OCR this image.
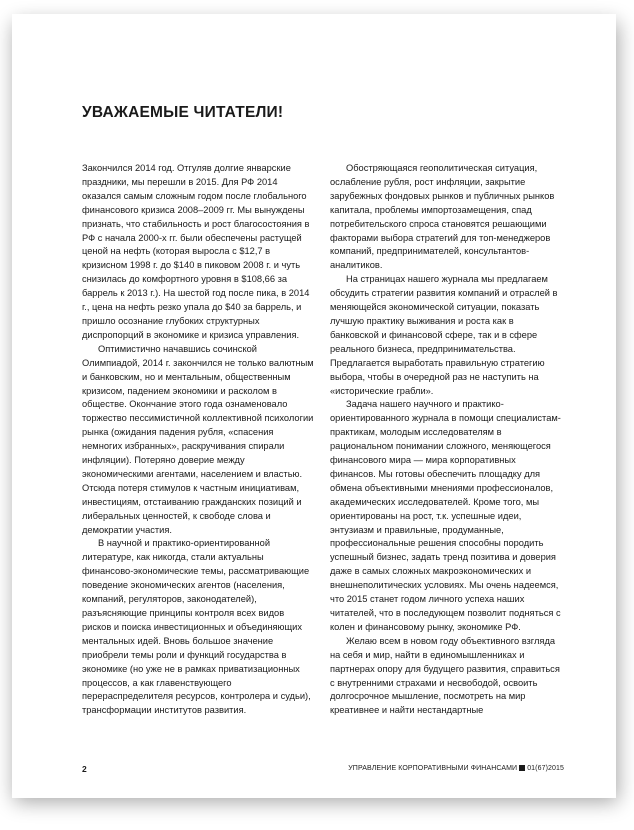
УВАЖАЕМЫЕ ЧИТАТЕЛИ!

Закончился 2014 год. Отгуляв долгие январские праздники, мы перешли в 2015. Для РФ 2014 оказался самым сложным годом после глобального финансового кризиса 2008–2009 гг. Мы вынуждены признать, что стабильность и рост благосостояния в РФ с начала 2000-х гг. были обеспечены растущей ценой на нефть (которая выросла с $12,7 в кризисном 1998 г. до $140 в пиковом 2008 г. и чуть снизилась до комфортного уровня в $108,66 за баррель к 2013 г.). На шестой год после пика, в 2014 г., цена на нефть резко упала до $40 за баррель, и пришло осознание глубоких структурных диспропорций в экономике и кризиса управления.

Оптимистично начавшись сочинской Олимпиадой, 2014 г. закончился не только валютным и банковским, но и ментальным, общественным кризисом, падением экономики и расколом в обществе. Окончание этого года ознаменовало торжество пессимистичной коллективной психологии рынка (ожидания падения рубля, «спасения немногих избранных», раскручивания спирали инфляции). Потеряно доверие между экономическими агентами, населением и властью. Отсюда потеря стимулов к частным инициативам, инвестициям, отстаиванию гражданских позиций и либеральных ценностей, к свободе слова и демократии участия.

В научной и практико-ориентированной литературе, как никогда, стали актуальны финансово-экономические темы, рассматривающие поведение экономических агентов (населения, компаний, регуляторов, законодателей), разъясняющие принципы контроля всех видов рисков и поиска инвестиционных и объединяющих ментальных идей. Вновь большое значение приобрели темы роли и функций государства в экономике (но уже не в рамках приватизационных процессов, а как главенствующего перераспределителя ресурсов, контролера и судьи), трансформации институтов развития.

Обостряющаяся геополитическая ситуация, ослабление рубля, рост инфляции, закрытие зарубежных фондовых рынков и публичных рынков капитала, проблемы импортозамещения, спад потребительского спроса становятся решающими факторами выбора стратегий для топ-менеджеров компаний, предпринимателей, консультантов-аналитиков.

На страницах нашего журнала мы предлагаем обсудить стратегии развития компаний и отраслей в меняющейся экономической ситуации, показать лучшую практику выживания и роста как в банковской и финансовой сфере, так и в сфере реального бизнеса, предпринимательства. Предлагается выработать правильную стратегию выбора, чтобы в очередной раз не наступить на «исторические грабли».

Задача нашего научного и практико-ориентированного журнала в помощи специалистам-практикам, молодым исследователям в рациональном понимании сложного, меняющегося финансового мира — мира корпоративных финансов. Мы готовы обеспечить площадку для обмена объективными мнениями профессионалов, академических исследователей. Кроме того, мы ориентированы на рост, т.к. успешные идеи, энтузиазм и правильные, продуманные, профессиональные решения способны породить успешный бизнес, задать тренд позитива и доверия даже в самых сложных макроэкономических и внешнеполитических условиях. Мы очень надеемся, что 2015 станет годом личного успеха наших читателей, что в последующем позволит подняться с колен и финансовому рынку, экономике РФ.

Желаю всем в новом году объективного взгляда на себя и мир, найти в единомышленниках и партнерах опору для будущего развития, справиться с внутренними страхами и несвободой, освоить долгосрочное мышление, посмотреть на мир креативнее и найти нестандартные

2	УПРАВЛЕНИЕ КОРПОРАТИВНЫМИ ФИНАНСАМИ 01(67)2015
